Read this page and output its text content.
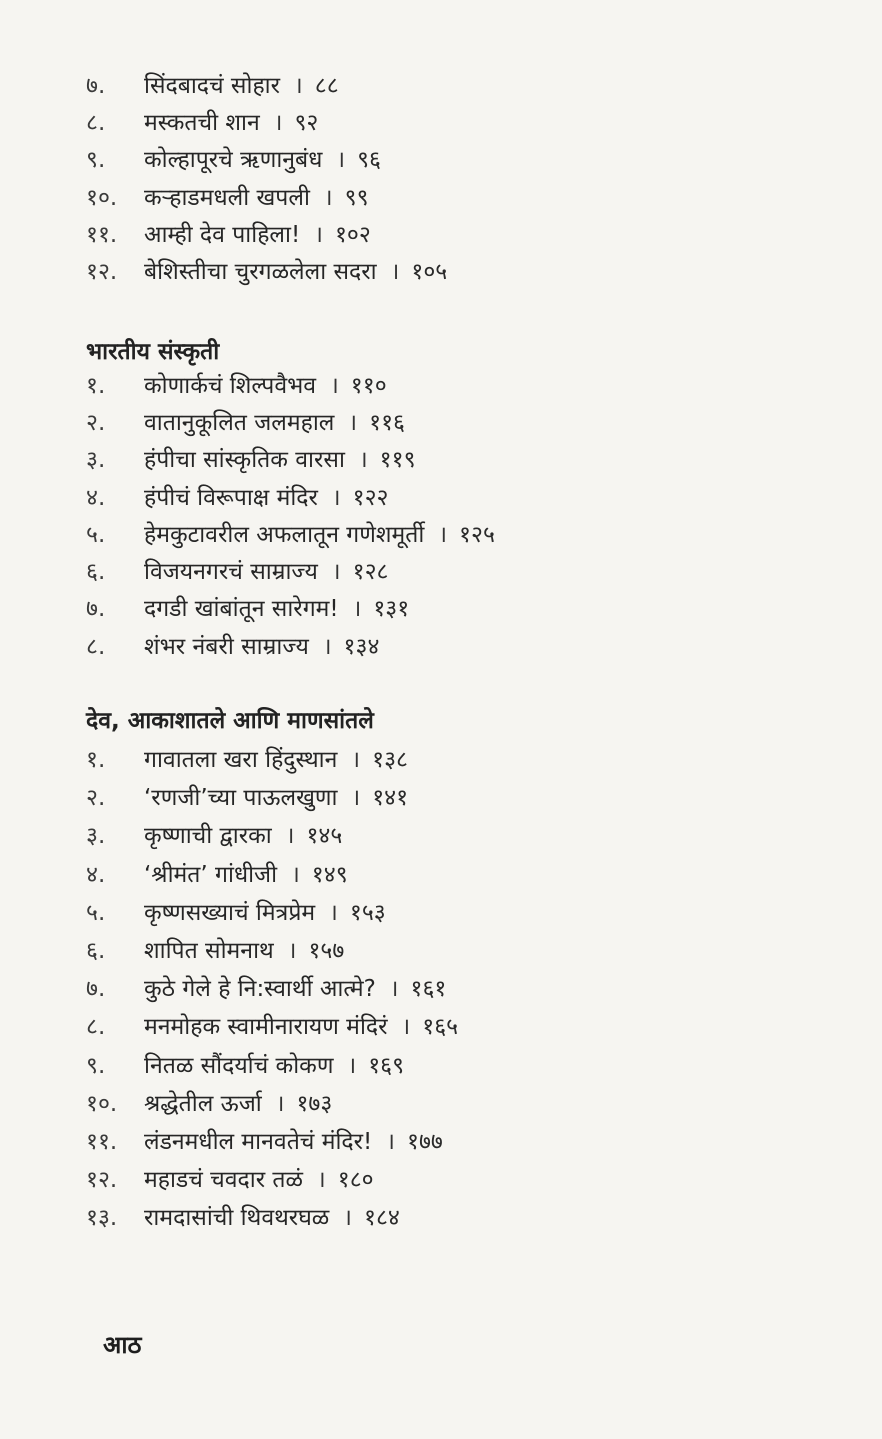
७.	सिंदबादचं सोहार । ८८
८.	मस्कतची शान । ९२
९.	कोल्हापूरचे ऋणानुबंध । ९६
१०.	कऱ्हाडमधली खपली । ९९
११.	आम्ही देव पाहिला! । १०२
१२.	बेशिस्तीचा चुरगळलेला सदरा । १०५
भारतीय संस्कृती
१.	कोणार्कचं शिल्पवैभव । ११०
२.	वातानुकूलित जलमहाल । ११६
३.	हंपीचा सांस्कृतिक वारसा । ११९
४.	हंपीचं विरूपाक्ष मंदिर । १२२
५.	हेमकुटावरील अफलातून गणेशमूर्ती । १२५
६.	विजयनगरचं साम्राज्य । १२८
७.	दगडी खांबांतून सारेगम! । १३१
८.	शंभर नंबरी साम्राज्य । १३४
देव, आकाशातले आणि माणसांतले
१.	गावातला खरा हिंदुस्थान । १३८
२.	‘रणजी’च्या पाऊलखुणा । १४१
३.	कृष्णाची द्वारका । १४५
४.	‘श्रीमंत’ गांधीजी । १४९
५.	कृष्णसख्याचं मित्रप्रेम । १५३
६.	शापित सोमनाथ । १५७
७.	कुठे गेले हे नि:स्वार्थी आत्मे? । १६१
८.	मनमोहक स्वामीनारायण मंदिरं । १६५
९.	नितळ सौंदर्याचं कोकण । १६९
१०.	श्रद्धेतील ऊर्जा । १७३
११.	लंडनमधील मानवतेचं मंदिर! । १७७
१२.	महाडचं चवदार तळं । १८०
१३.	रामदासांची थिवथरघळ । १८४
आठ
